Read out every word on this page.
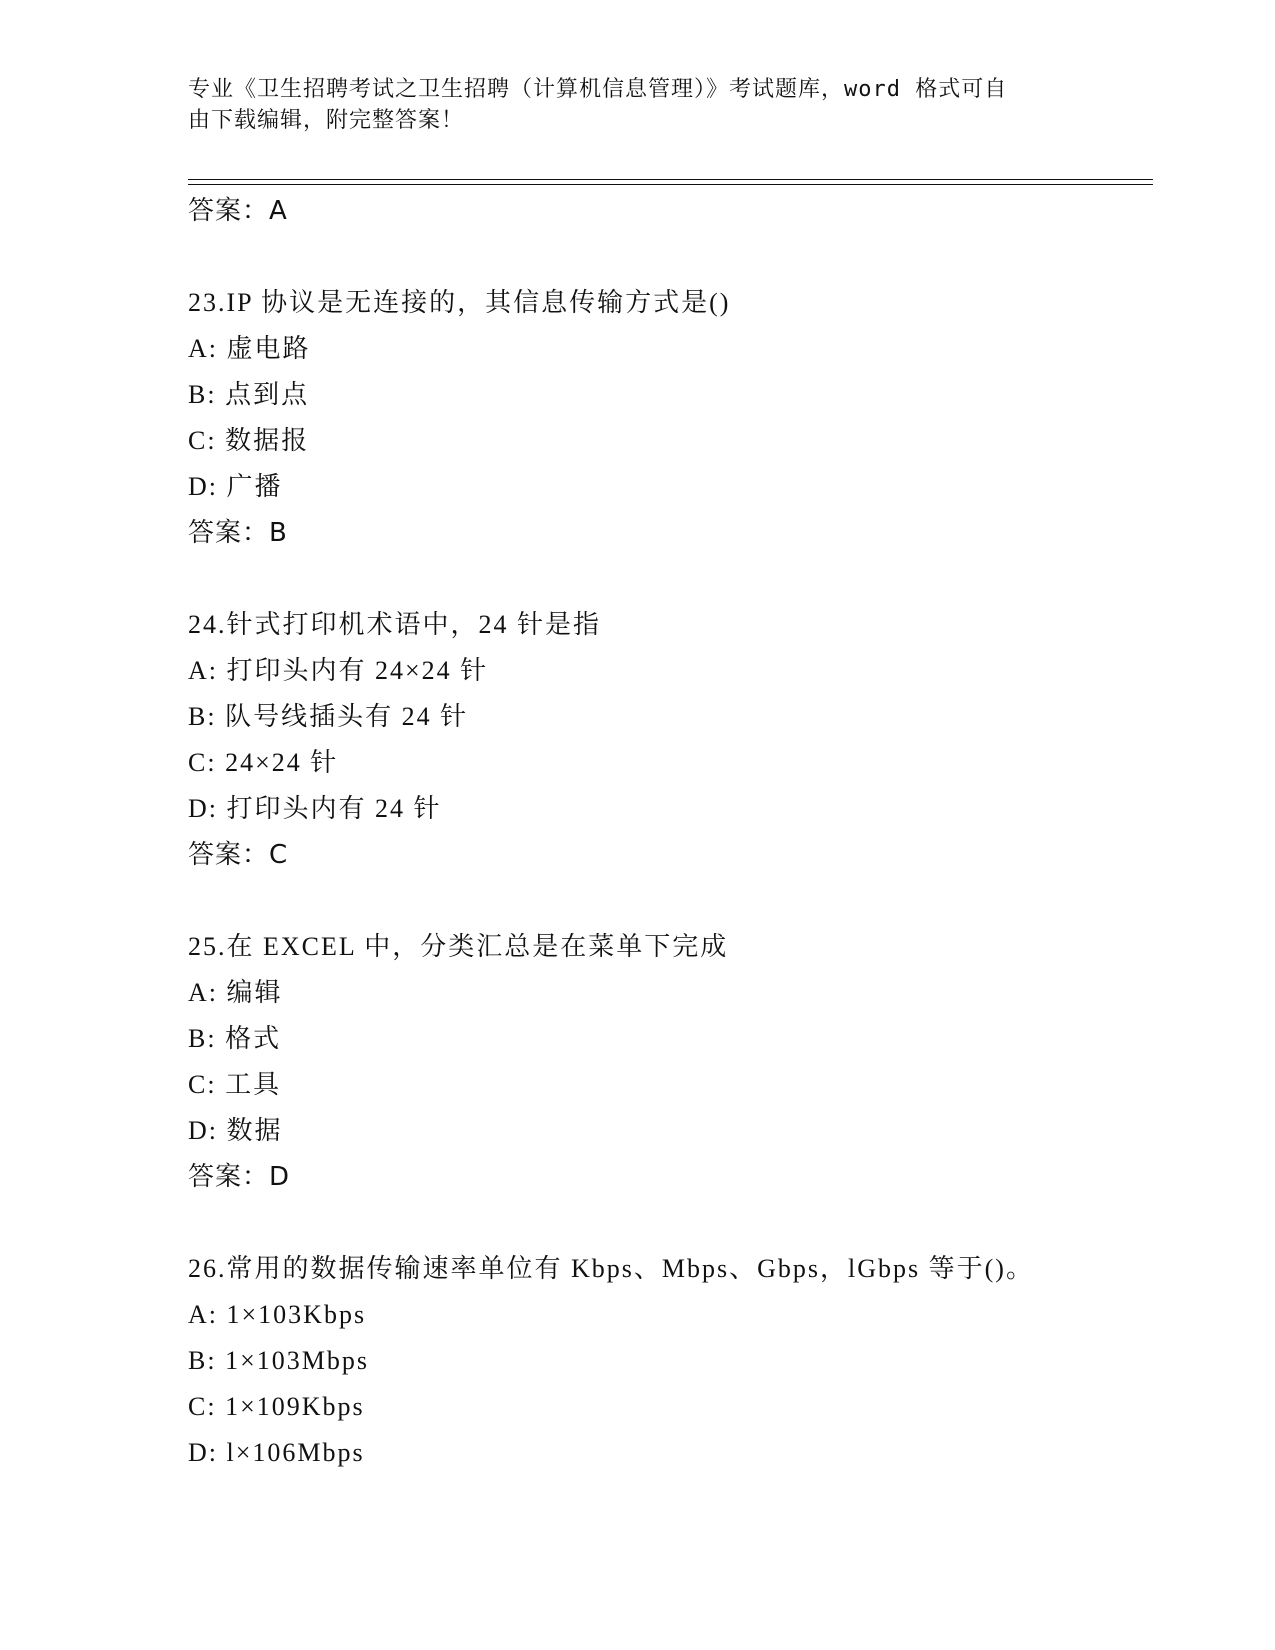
专业《卫生招聘考试之卫生招聘（计算机信息管理）》考试题库，word 格式可自
由下载编辑，附完整答案！
答案：A
23.IP 协议是无连接的，其信息传输方式是()
A: 虚电路
B: 点到点
C: 数据报
D: 广播
答案：B
24.针式打印机术语中，24 针是指
A: 打印头内有 24×24 针
B: 队号线插头有 24 针
C: 24×24 针
D: 打印头内有 24 针
答案：C
25.在 EXCEL 中，分类汇总是在菜单下完成
A: 编辑
B: 格式
C: 工具
D: 数据
答案：D
26.常用的数据传输速率单位有 Kbps、Mbps、Gbps，lGbps 等于()。
A: 1×103Kbps
B: 1×103Mbps
C: 1×109Kbps
D: l×106Mbps
